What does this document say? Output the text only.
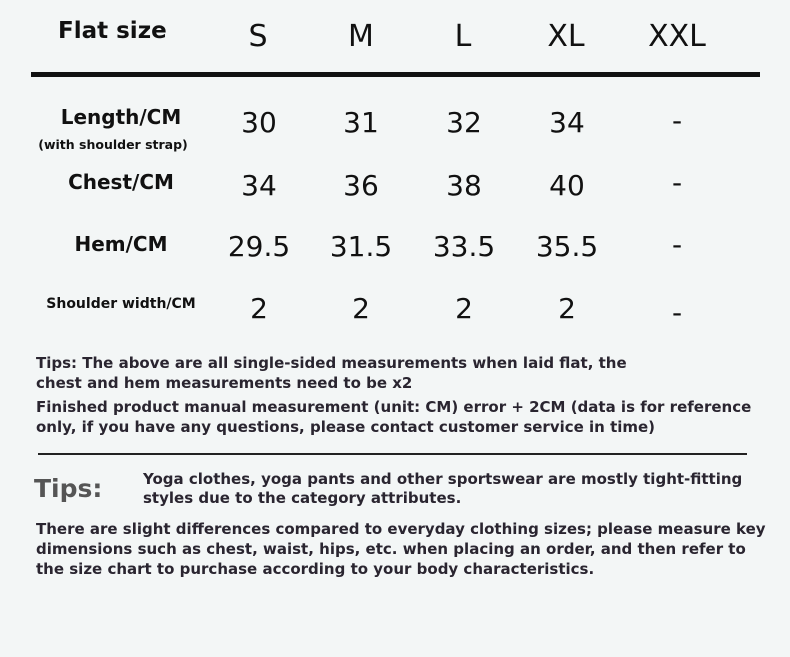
Flat size	S	M	L	XL	XXL
Length/CM
(with shoulder strap)
30	31	32	34	-
Chest/CM	34	36	38	40	-
Hem/CM	29.5	31.5	33.5	35.5	-
Shoulder width/CM	2	2	2	2	-
Tips: The above are all single-sided measurements when laid flat, the
chest and hem measurements need to be x2
Finished product manual measurement (unit: CM) error + 2CM (data is for reference
only, if you have any questions, please contact customer service in time)
Tips:	Yoga clothes, yoga pants and other sportswear are mostly tight-fitting
styles due to the category attributes.
There are slight differences compared to everyday clothing sizes; please measure key
dimensions such as chest, waist, hips, etc. when placing an order, and then refer to
the size chart to purchase according to your body characteristics.
